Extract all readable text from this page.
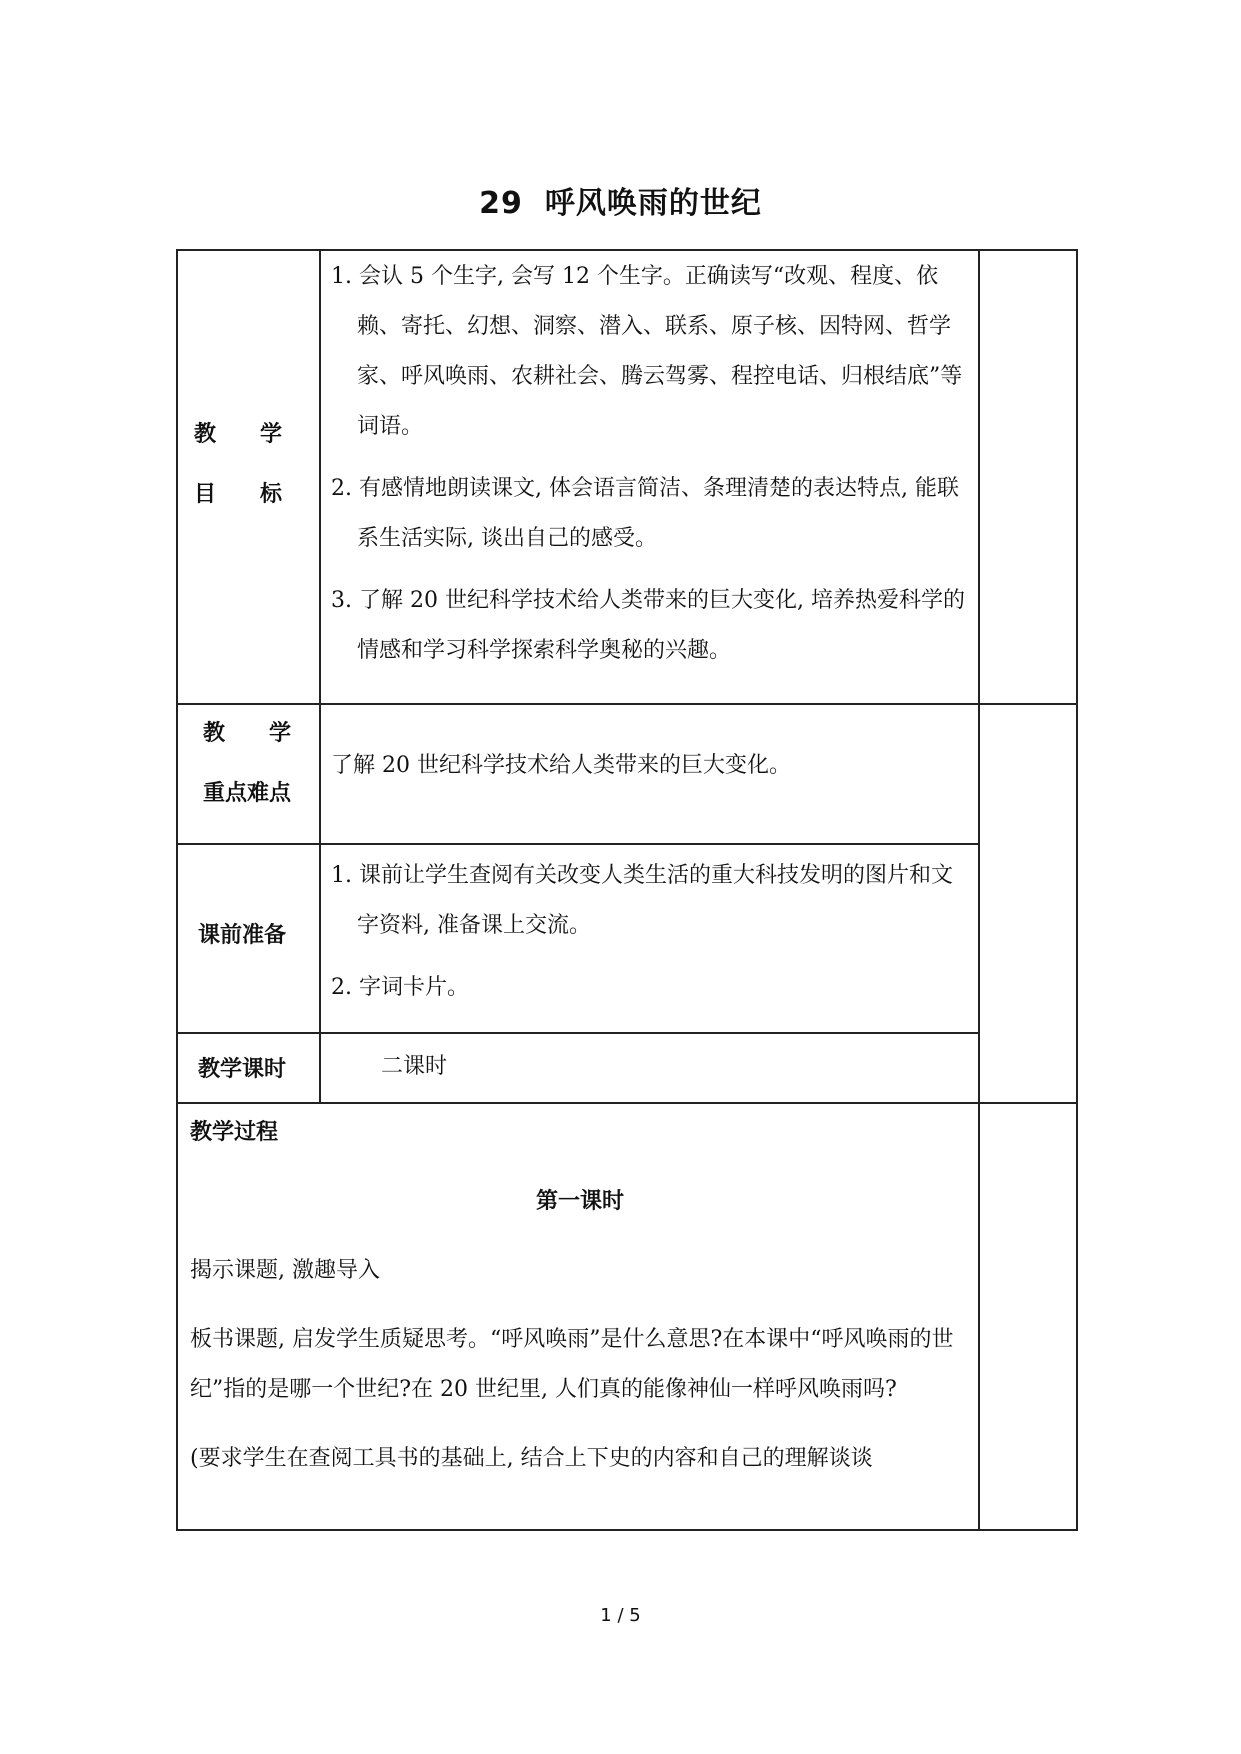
29 呼风唤雨的世纪
教　　学
目　　标

1. 会认 5 个生字, 会写 12 个生字。正确读写“改观、程度、依赖、寄托、幻想、洞察、潜入、联系、原子核、因特网、哲学家、呼风唤雨、农耕社会、腾云驾雾、程控电话、归根结底”等词语。

2. 有感情地朗读课文, 体会语言简洁、条理清楚的表达特点, 能联系生活实际, 谈出自己的感受。

3. 了解 20 世纪科学技术给人类带来的巨大变化, 培养热爱科学的情感和学习科学探索科学奥秘的兴趣。

教　　学
重点难点
了解 20 世纪科学技术给人类带来的巨大变化。
课前准备

1. 课前让学生查阅有关改变人类生活的重大科技发明的图片和文字资料, 准备课上交流。

2. 字词卡片。

教学课时	二课时

教学过程

第一课时

揭示课题, 激趣导入

板书课题, 启发学生质疑思考。“呼风唤雨”是什么意思?在本课中“呼风唤雨的世纪”指的是哪一个世纪?在 20 世纪里, 人们真的能像神仙一样呼风唤雨吗?

(要求学生在查阅工具书的基础上, 结合上下史的内容和自己的理解谈谈

1 / 5
